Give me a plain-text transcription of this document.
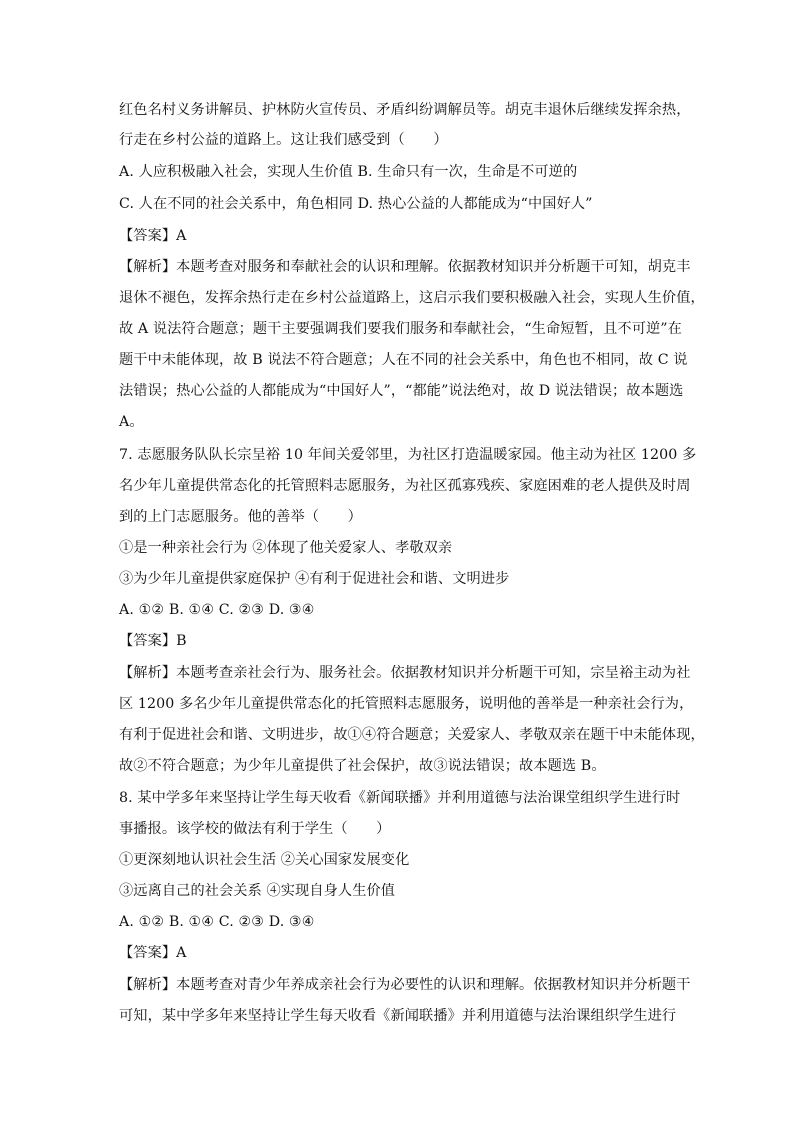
红色名村义务讲解员、护林防火宣传员、矛盾纠纷调解员等。胡克丰退休后继续发挥余热，
行走在乡村公益的道路上。这让我们感受到（　　）
A. 人应积极融入社会，实现人生价值 B. 生命只有一次，生命是不可逆的
C. 人在不同的社会关系中，角色相同 D. 热心公益的人都能成为“中国好人”
【答案】A
【解析】本题考查对服务和奉献社会的认识和理解。依据教材知识并分析题干可知，胡克丰
退休不褪色，发挥余热行走在乡村公益道路上，这启示我们要积极融入社会，实现人生价值，
故 A 说法符合题意；题干主要强调我们要我们服务和奉献社会，“生命短暂，且不可逆”在
题干中未能体现，故 B 说法不符合题意；人在不同的社会关系中，角色也不相同，故 C 说
法错误；热心公益的人都能成为“中国好人”，“都能”说法绝对，故 D 说法错误；故本题选
A。
7. 志愿服务队队长宗呈裕 10 年间关爱邻里，为社区打造温暖家园。他主动为社区 1200 多
名少年儿童提供常态化的托管照料志愿服务，为社区孤寡残疾、家庭困难的老人提供及时周
到的上门志愿服务。他的善举（　　）
①是一种亲社会行为 ②体现了他关爱家人、孝敬双亲
③为少年儿童提供家庭保护 ④有利于促进社会和谐、文明进步
A. ①② B. ①④ C. ②③ D. ③④
【答案】B
【解析】本题考查亲社会行为、服务社会。依据教材知识并分析题干可知，宗呈裕主动为社
区 1200 多名少年儿童提供常态化的托管照料志愿服务，说明他的善举是一种亲社会行为，
有利于促进社会和谐、文明进步，故①④符合题意；关爱家人、孝敬双亲在题干中未能体现，
故②不符合题意；为少年儿童提供了社会保护，故③说法错误；故本题选 B。
8. 某中学多年来坚持让学生每天收看《新闻联播》并利用道德与法治课堂组织学生进行时
事播报。该学校的做法有利于学生（　　）
①更深刻地认识社会生活 ②关心国家发展变化
③远离自己的社会关系 ④实现自身人生价值
A. ①② B. ①④ C. ②③ D. ③④
【答案】A
【解析】本题考查对青少年养成亲社会行为必要性的认识和理解。依据教材知识并分析题干
可知，某中学多年来坚持让学生每天收看《新闻联播》并利用道德与法治课组织学生进行
